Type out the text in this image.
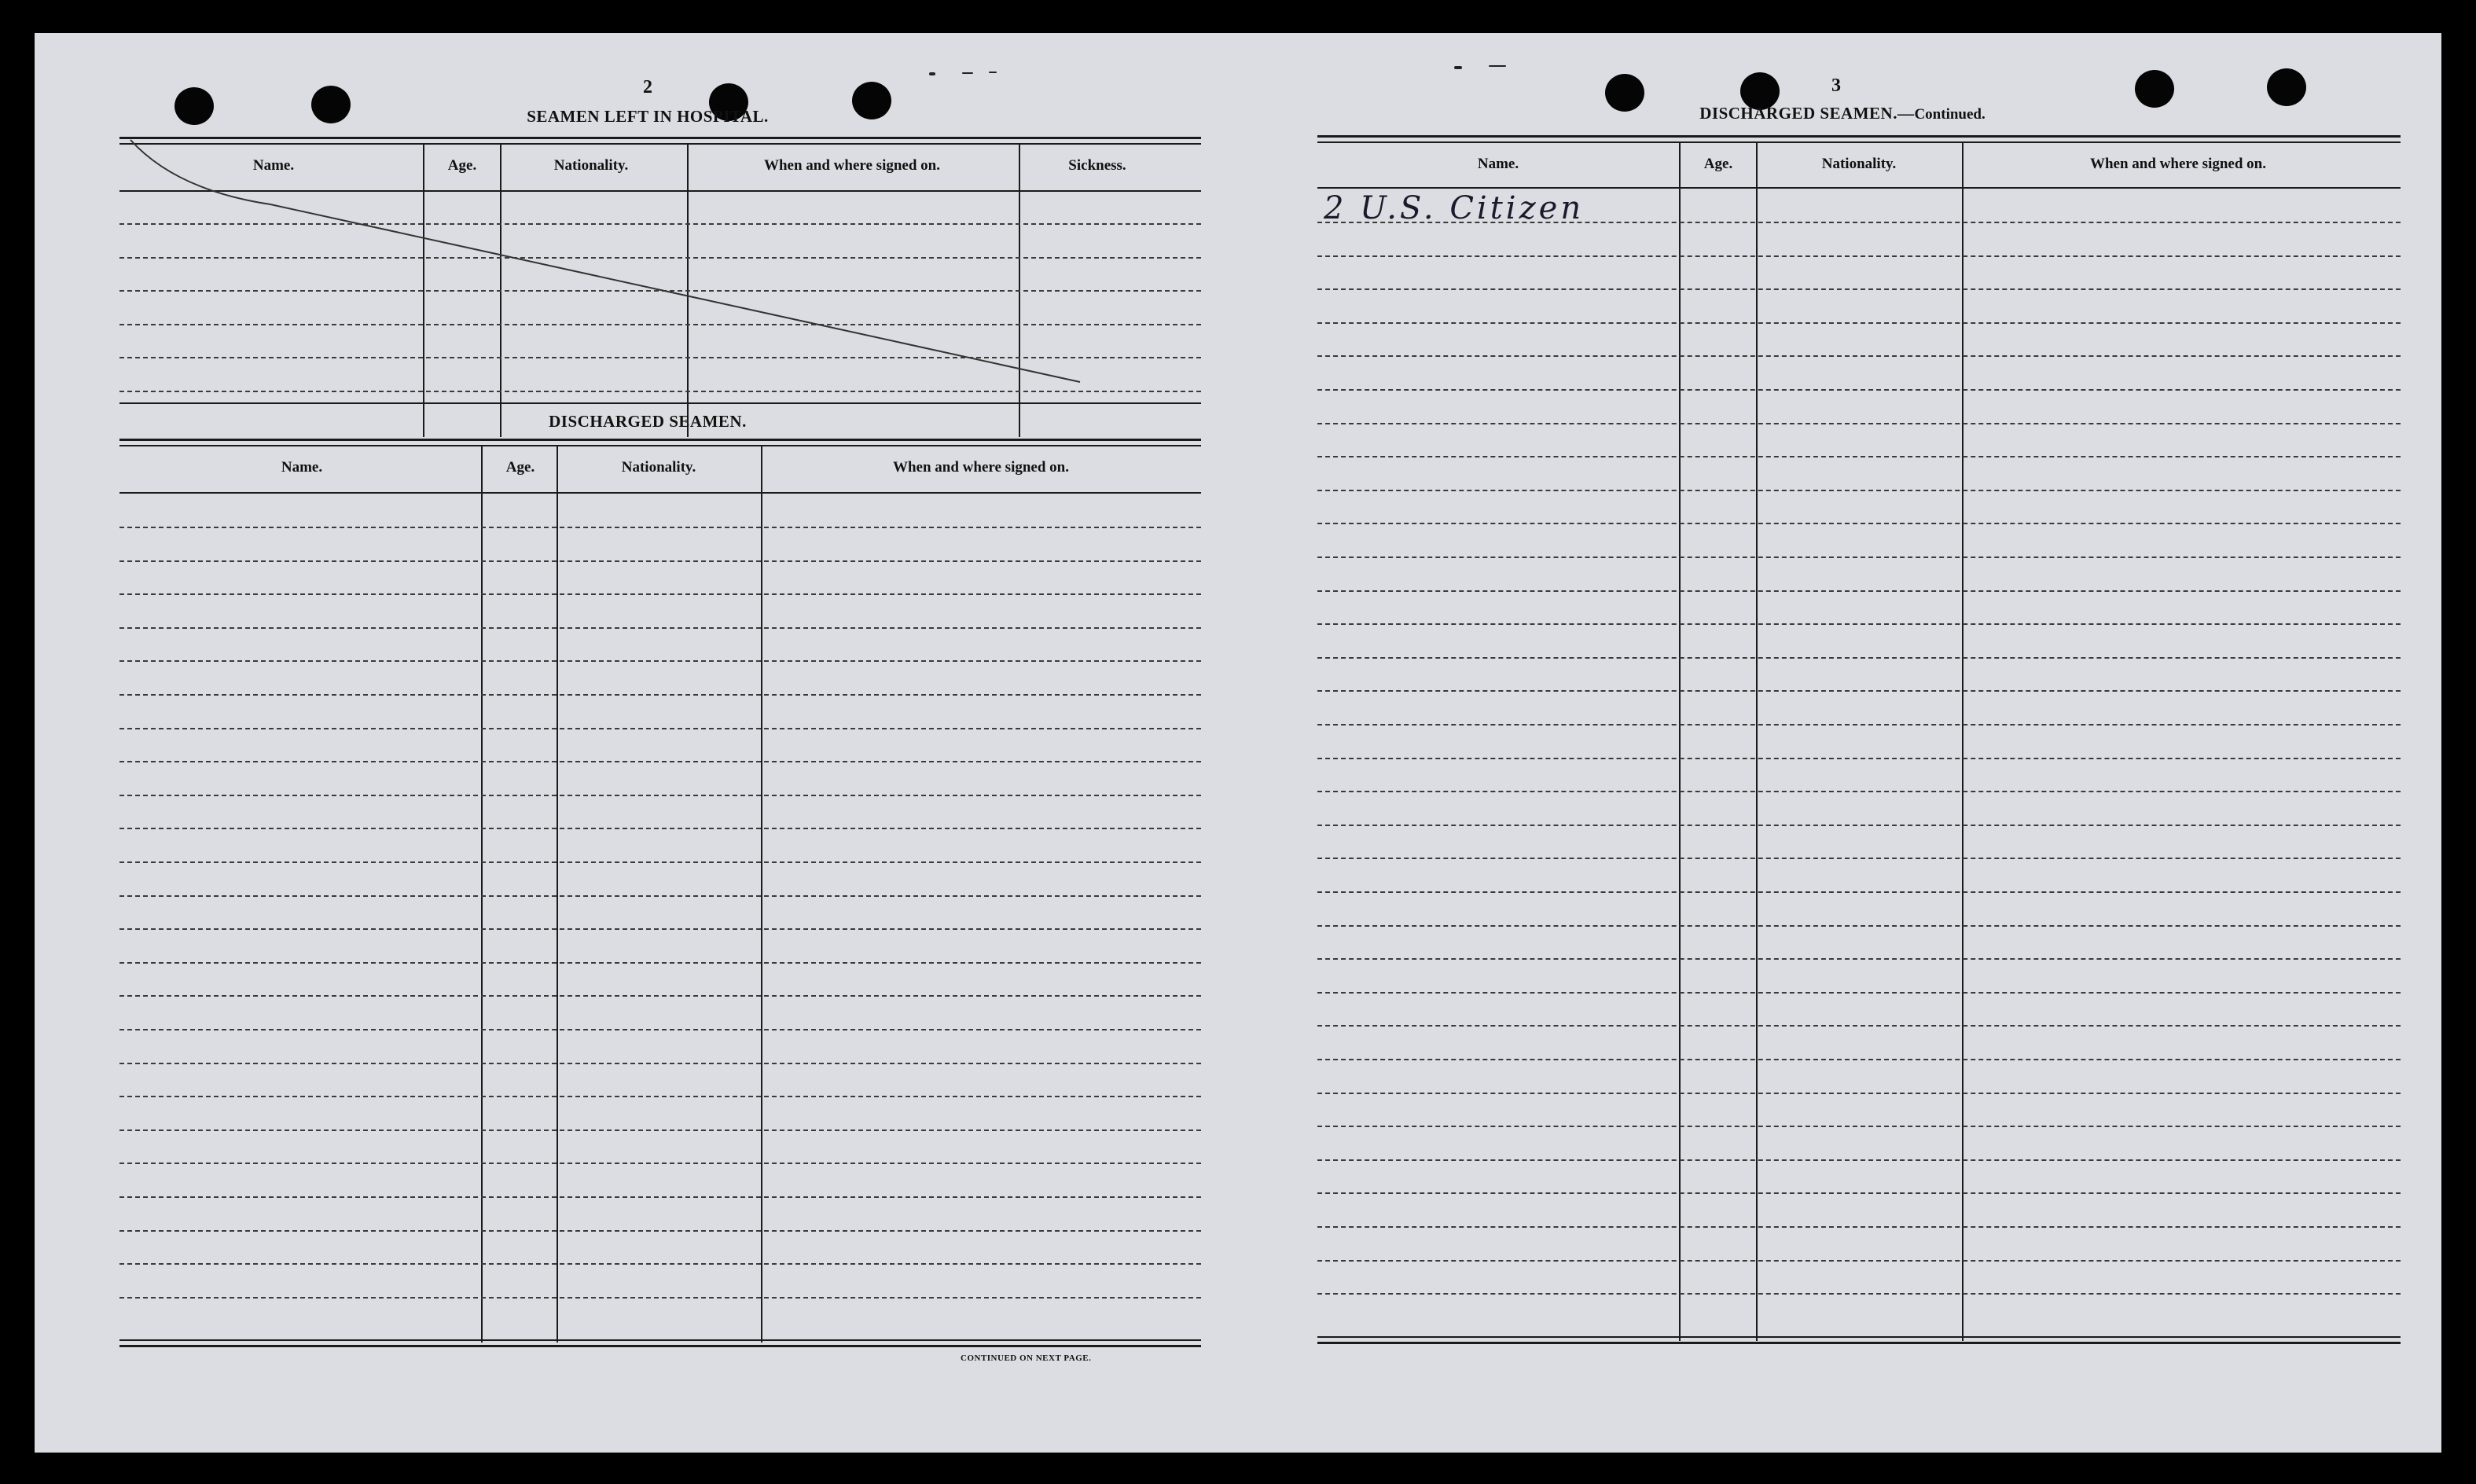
2
SEAMEN LEFT IN HOSPITAL.
Name.	Age.	Nationality.	When and where signed on.	Sickness.
DISCHARGED SEAMEN.
Name.	Age.	Nationality.	When and where signed on.
CONTINUED ON NEXT PAGE.
3
DISCHARGED SEAMEN.—Continued.
Name.	Age.	Nationality.	When and where signed on.
2 U.S. Citizen
